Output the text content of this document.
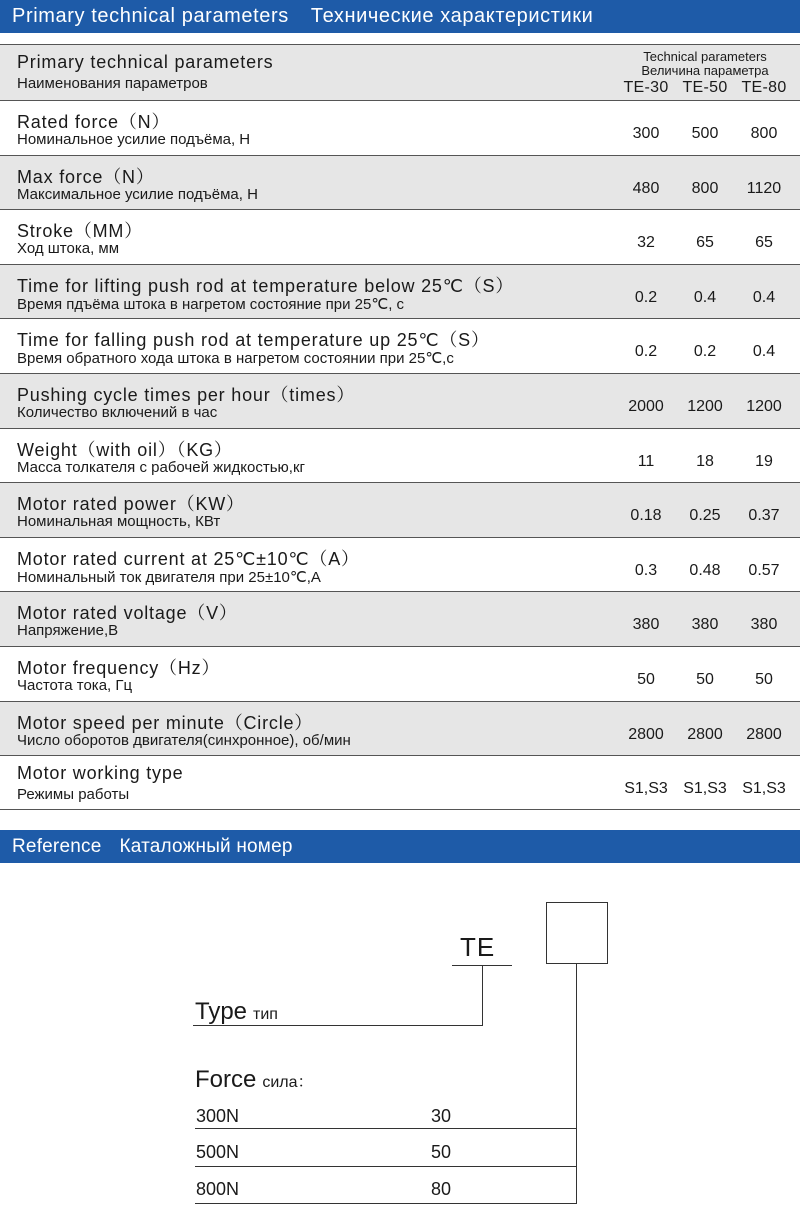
Primary technical parameters Технические характеристики
Primary technical parameters
Наименования параметров
Technical parameters
Величина параметра
TE-30 TE-50 TE-80
Rated force（N）
Номинальное усилие подъёма, Н	300	500	800
Max force（N）
Максимальное усилие подъёма, Н	480	800	1120
Stroke（MM）
Ход штока, мм	32	65	65
Time for lifting push rod at temperature below 25℃（S）
Время пдъёма штока в нагретом состояние при 25℃, с	0.2	0.4	0.4
Time for falling push rod at temperature up 25℃（S）
Время обратного хода штока в нагретом состоянии при 25℃,с	0.2	0.2	0.4
Pushing cycle times per hour（times）
Количество включений в час	2000	1200	1200
Weight（with oil）（KG）
Масса толкателя с рабочей жидкостью,кг	11	18	19
Motor rated power（KW）
Номинальная мощность, КВт	0.18	0.25	0.37
Motor rated current at 25℃±10℃（A）
Номинальный ток двигателя при 25±10℃,A	0.3	0.48	0.57
Motor rated voltage（V）
Напряжение,В	380	380	380
Motor frequency（Hz）
Частота тока, Гц	50	50	50
Motor speed per minute（Circle）
Число оборотов двигателя(синхронное), об/мин	2800	2800	2800
Motor working type
Режимы работы	S1,S3 S1,S3 S1,S3
Reference Каталожный номер
TE
Type тип
Force сила：
300N	30
500N	50
800N	80
